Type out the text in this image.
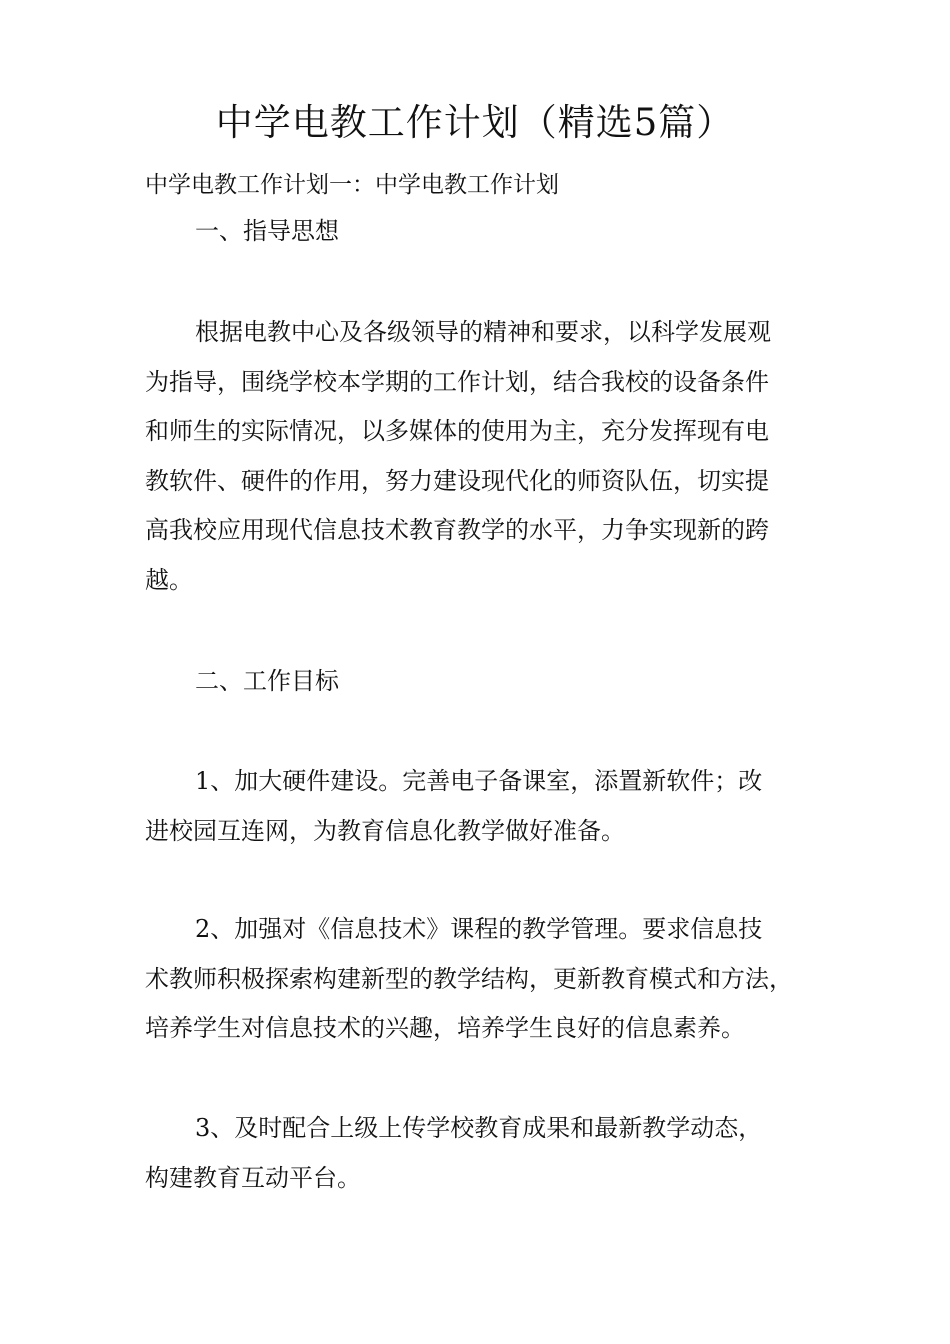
中学电教工作计划（精选5篇）

中学电教工作计划一：中学电教工作计划

一、指导思想
根据电教中心及各级领导的精神和要求，以科学发展观
为指导，围绕学校本学期的工作计划，结合我校的设备条件
和师生的实际情况，以多媒体的使用为主，充分发挥现有电
教软件、硬件的作用，努力建设现代化的师资队伍，切实提
高我校应用现代信息技术教育教学的水平，力争实现新的跨
越。
二、工作目标
1、加大硬件建设。完善电子备课室，添置新软件；改
进校园互连网，为教育信息化教学做好准备。
2、加强对《信息技术》课程的教学管理。要求信息技
术教师积极探索构建新型的教学结构，更新教育模式和方法，
培养学生对信息技术的兴趣，培养学生良好的信息素养。
3、及时配合上级上传学校教育成果和最新教学动态，
构建教育互动平台。
